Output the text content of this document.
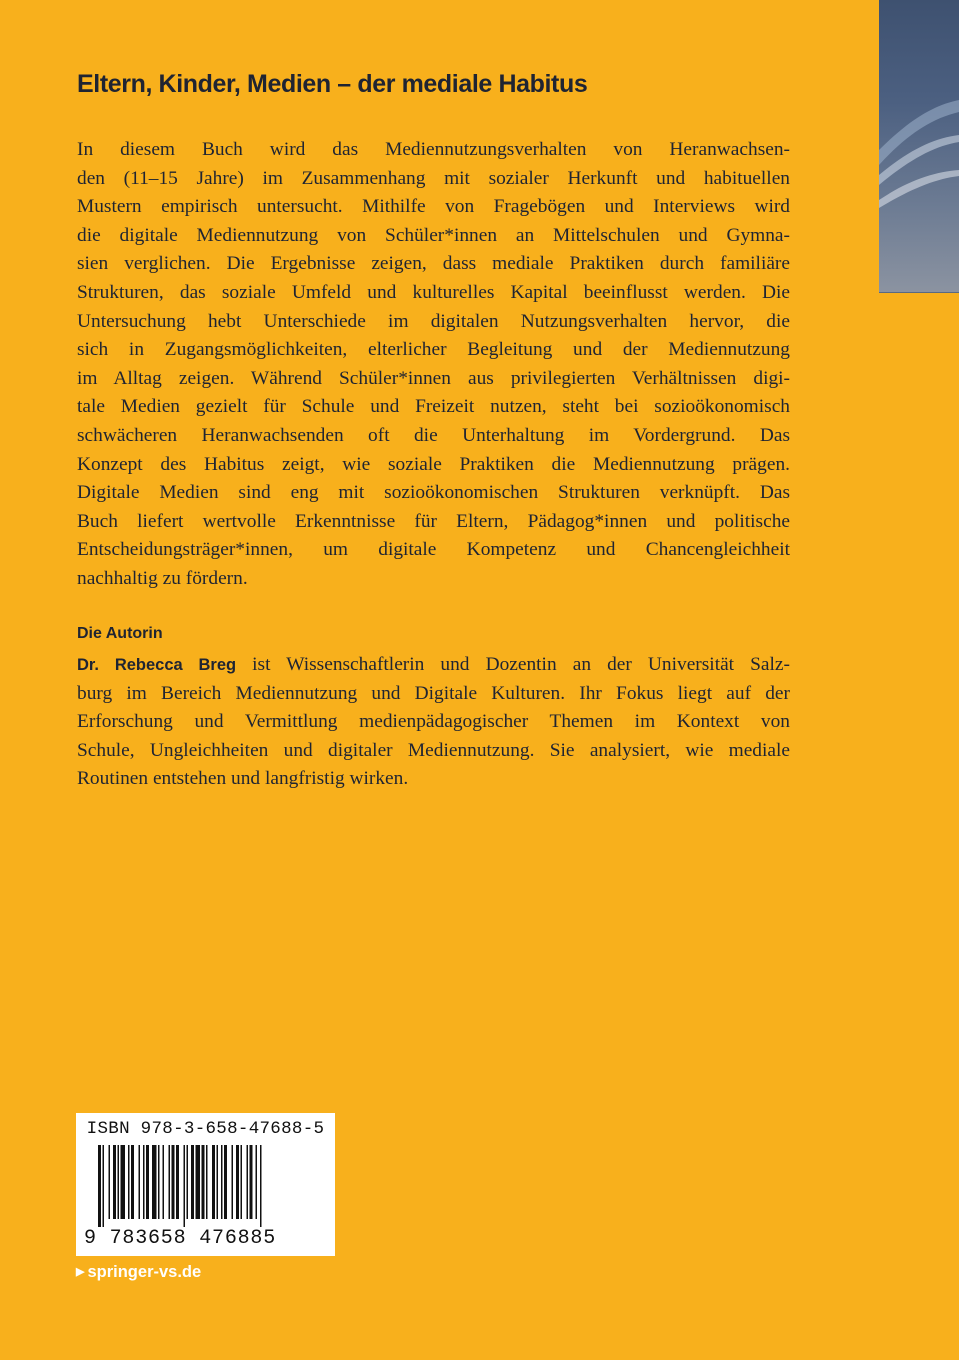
Eltern, Kinder, Medien – der mediale Habitus
In diesem Buch wird das Mediennutzungsverhalten von Heranwachsen-
den (11–15 Jahre) im Zusammenhang mit sozialer Herkunft und habituellen
Mustern empirisch untersucht. Mithilfe von Fragebögen und Interviews wird
die digitale Mediennutzung von Schüler*innen an Mittelschulen und Gymna-
sien verglichen. Die Ergebnisse zeigen, dass mediale Praktiken durch familiäre
Strukturen, das soziale Umfeld und kulturelles Kapital beeinflusst werden. Die
Untersuchung hebt Unterschiede im digitalen Nutzungsverhalten hervor, die
sich in Zugangsmöglichkeiten, elterlicher Begleitung und der Mediennutzung
im Alltag zeigen. Während Schüler*innen aus privilegierten Verhältnissen digi-
tale Medien gezielt für Schule und Freizeit nutzen, steht bei sozioökonomisch
schwächeren Heranwachsenden oft die Unterhaltung im Vordergrund. Das
Konzept des Habitus zeigt, wie soziale Praktiken die Mediennutzung prägen.
Digitale Medien sind eng mit sozioökonomischen Strukturen verknüpft. Das
Buch liefert wertvolle Erkenntnisse für Eltern, Pädagog*innen und politische
Entscheidungsträger*innen, um digitale Kompetenz und Chancengleichheit
nachhaltig zu fördern.
Die Autorin
Dr. Rebecca Breg ist Wissenschaftlerin und Dozentin an der Universität Salz-
burg im Bereich Mediennutzung und Digitale Kulturen. Ihr Fokus liegt auf der
Erforschung und Vermittlung medienpädagogischer Themen im Kontext von
Schule, Ungleichheiten und digitaler Mediennutzung. Sie analysiert, wie mediale
Routinen entstehen und langfristig wirken.
ISBN 978-3-658-47688-5
9 783658 476885
▶ springer-vs.de
